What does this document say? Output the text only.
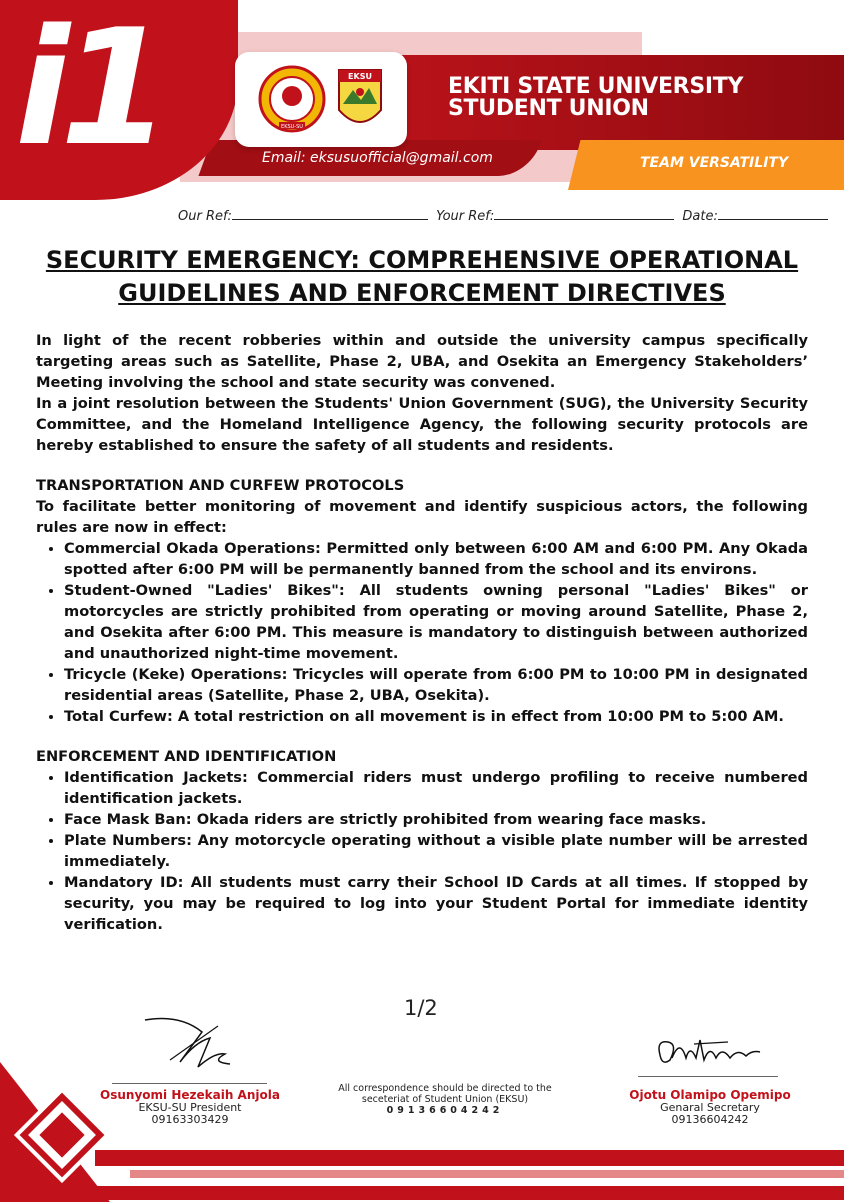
i1	EKSU-SU
EKSU	EKITI STATE UNIVERSITY
STUDENT UNION
Email: eksusuofficial@gmail.com	TEAM VERSATILITY
Our Ref:	Your Ref:	Date:
SECURITY EMERGENCY: COMPREHENSIVE OPERATIONAL
GUIDELINES AND ENFORCEMENT DIRECTIVES

In light of the recent robberies within and outside the university campus specifically targeting areas such as Satellite, Phase 2, UBA, and Osekita an Emergency Stakeholders’ Meeting involving the school and state security was convened.

In a joint resolution between the Students' Union Government (SUG), the University Security Committee, and the Homeland Intelligence Agency, the following security protocols are hereby established to ensure the safety of all students and residents.

TRANSPORTATION AND CURFEW PROTOCOLS

To facilitate better monitoring of movement and identify suspicious actors, the following rules are now in effect:

• Commercial Okada Operations: Permitted only between 6:00 AM and 6:00 PM. Any Okada spotted after 6:00 PM will be permanently banned from the school and its environs.
• Student-Owned "Ladies' Bikes": All students owning personal "Ladies' Bikes" or motorcycles are strictly prohibited from operating or moving around Satellite, Phase 2, and Osekita after 6:00 PM. This measure is mandatory to distinguish between authorized and unauthorized night-time movement.
• Tricycle (Keke) Operations: Tricycles will operate from 6:00 PM to 10:00 PM in designated residential areas (Satellite, Phase 2, UBA, Osekita).
• Total Curfew: A total restriction on all movement is in effect from 10:00 PM to 5:00 AM.
ENFORCEMENT AND IDENTIFICATION
• Identification Jackets: Commercial riders must undergo profiling to receive numbered identification jackets.
• Face Mask Ban: Okada riders are strictly prohibited from wearing face masks.
• Plate Numbers: Any motorcycle operating without a visible plate number will be arrested immediately.
• Mandatory ID: All students must carry their School ID Cards at all times. If stopped by security, you may be required to log into your Student Portal for immediate identity verification.
1/2
Osunyomi Hezekaih Anjola
EKSU-SU President
09163303429
All correspondence should be directed to the
seceteriat of Student Union (EKSU)
09136604242
Ojotu Olamipo Opemipo
Genaral Secretary
09136604242
